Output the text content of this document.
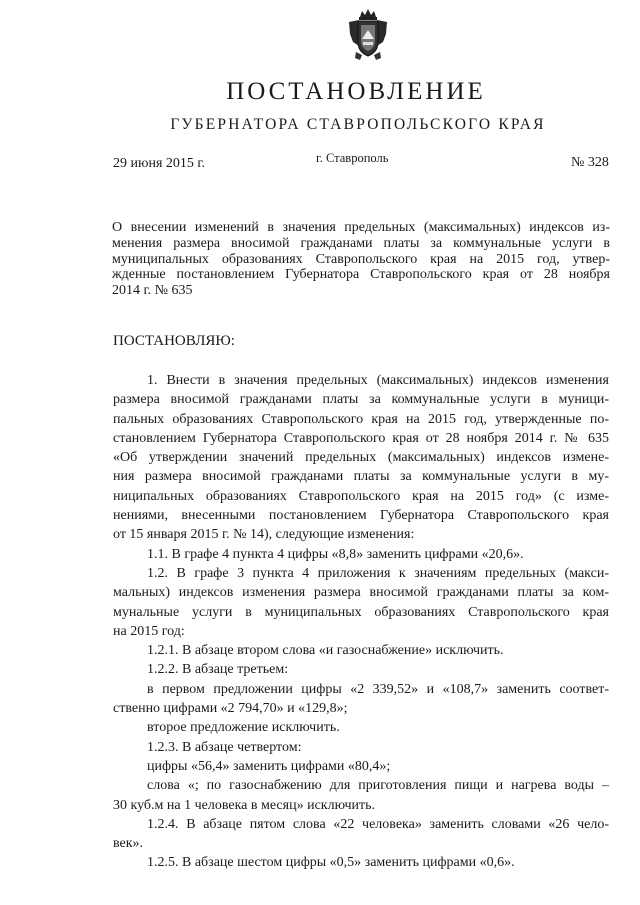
ПОСТАНОВЛЕНИЕ
ГУБЕРНАТОРА СТАВРОПОЛЬСКОГО КРАЯ
29 июня 2015 г.	г. Ставрополь	№ 328
О внесении изменений в значения предельных (максимальных) индексов из-
менения размера вносимой гражданами платы за коммунальные услуги в
муниципальных образованиях Ставропольского края на 2015 год, утвер-
жденные постановлением Губернатора Ставропольского края от 28 ноября
2014 г. № 635
ПОСТАНОВЛЯЮ:
1. Внести в значения предельных (максимальных) индексов изменения
размера вносимой гражданами платы за коммунальные услуги в муници-
пальных образованиях Ставропольского края на 2015 год, утвержденные по-
становлением Губернатора Ставропольского края от 28 ноября 2014 г. № 635
«Об утверждении значений предельных (максимальных) индексов измене-
ния размера вносимой гражданами платы за коммунальные услуги в му-
ниципальных образованиях Ставропольского края на 2015 год» (с изме-
нениями, внесенными постановлением Губернатора Ставропольского края
от 15 января 2015 г. № 14), следующие изменения:
1.1. В графе 4 пункта 4 цифры «8,8» заменить цифрами «20,6».
1.2. В графе 3 пункта 4 приложения к значениям предельных (макси-
мальных) индексов изменения размера вносимой гражданами платы за ком-
мунальные услуги в муниципальных образованиях Ставропольского края
на 2015 год:
1.2.1. В абзаце втором слова «и газоснабжение» исключить.
1.2.2. В абзаце третьем:
в первом предложении цифры «2 339,52» и «108,7» заменить соответ-
ственно цифрами «2 794,70» и «129,8»;
второе предложение исключить.
1.2.3. В абзаце четвертом:
цифры «56,4» заменить цифрами «80,4»;
слова «; по газоснабжению для приготовления пищи и нагрева воды –
30 куб.м на 1 человека в месяц» исключить.
1.2.4. В абзаце пятом слова «22 человека» заменить словами «26 чело-
век».
1.2.5. В абзаце шестом цифры «0,5» заменить цифрами «0,6».
